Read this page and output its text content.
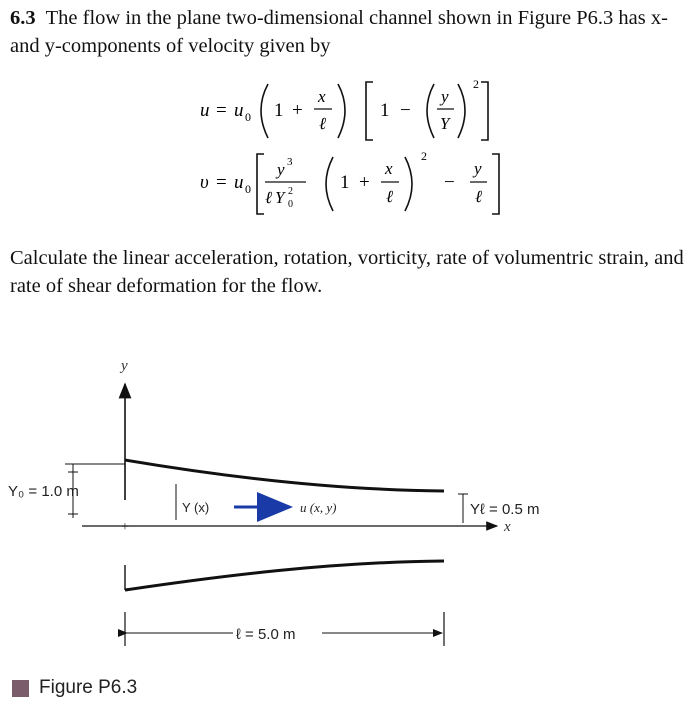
6.3 The flow in the plane two-dimensional channel shown in Figure P6.3 has x- and y-components of velocity given by
u = u 0 1 +
x
ℓ
1 −
y
Y
2
υ = u 0
y 3
ℓ Y 2
0
1 +
x
ℓ
2
−
y
ℓ
Calculate the linear acceleration, rotation, vorticity, rate of volumentric strain, and rate of shear deformation for the flow.
y
+	x
Y₀ = 1.0 m
Y (x)	u (x, y)	Yℓ = 0.5 m
ℓ = 5.0 m
Figure P6.3
